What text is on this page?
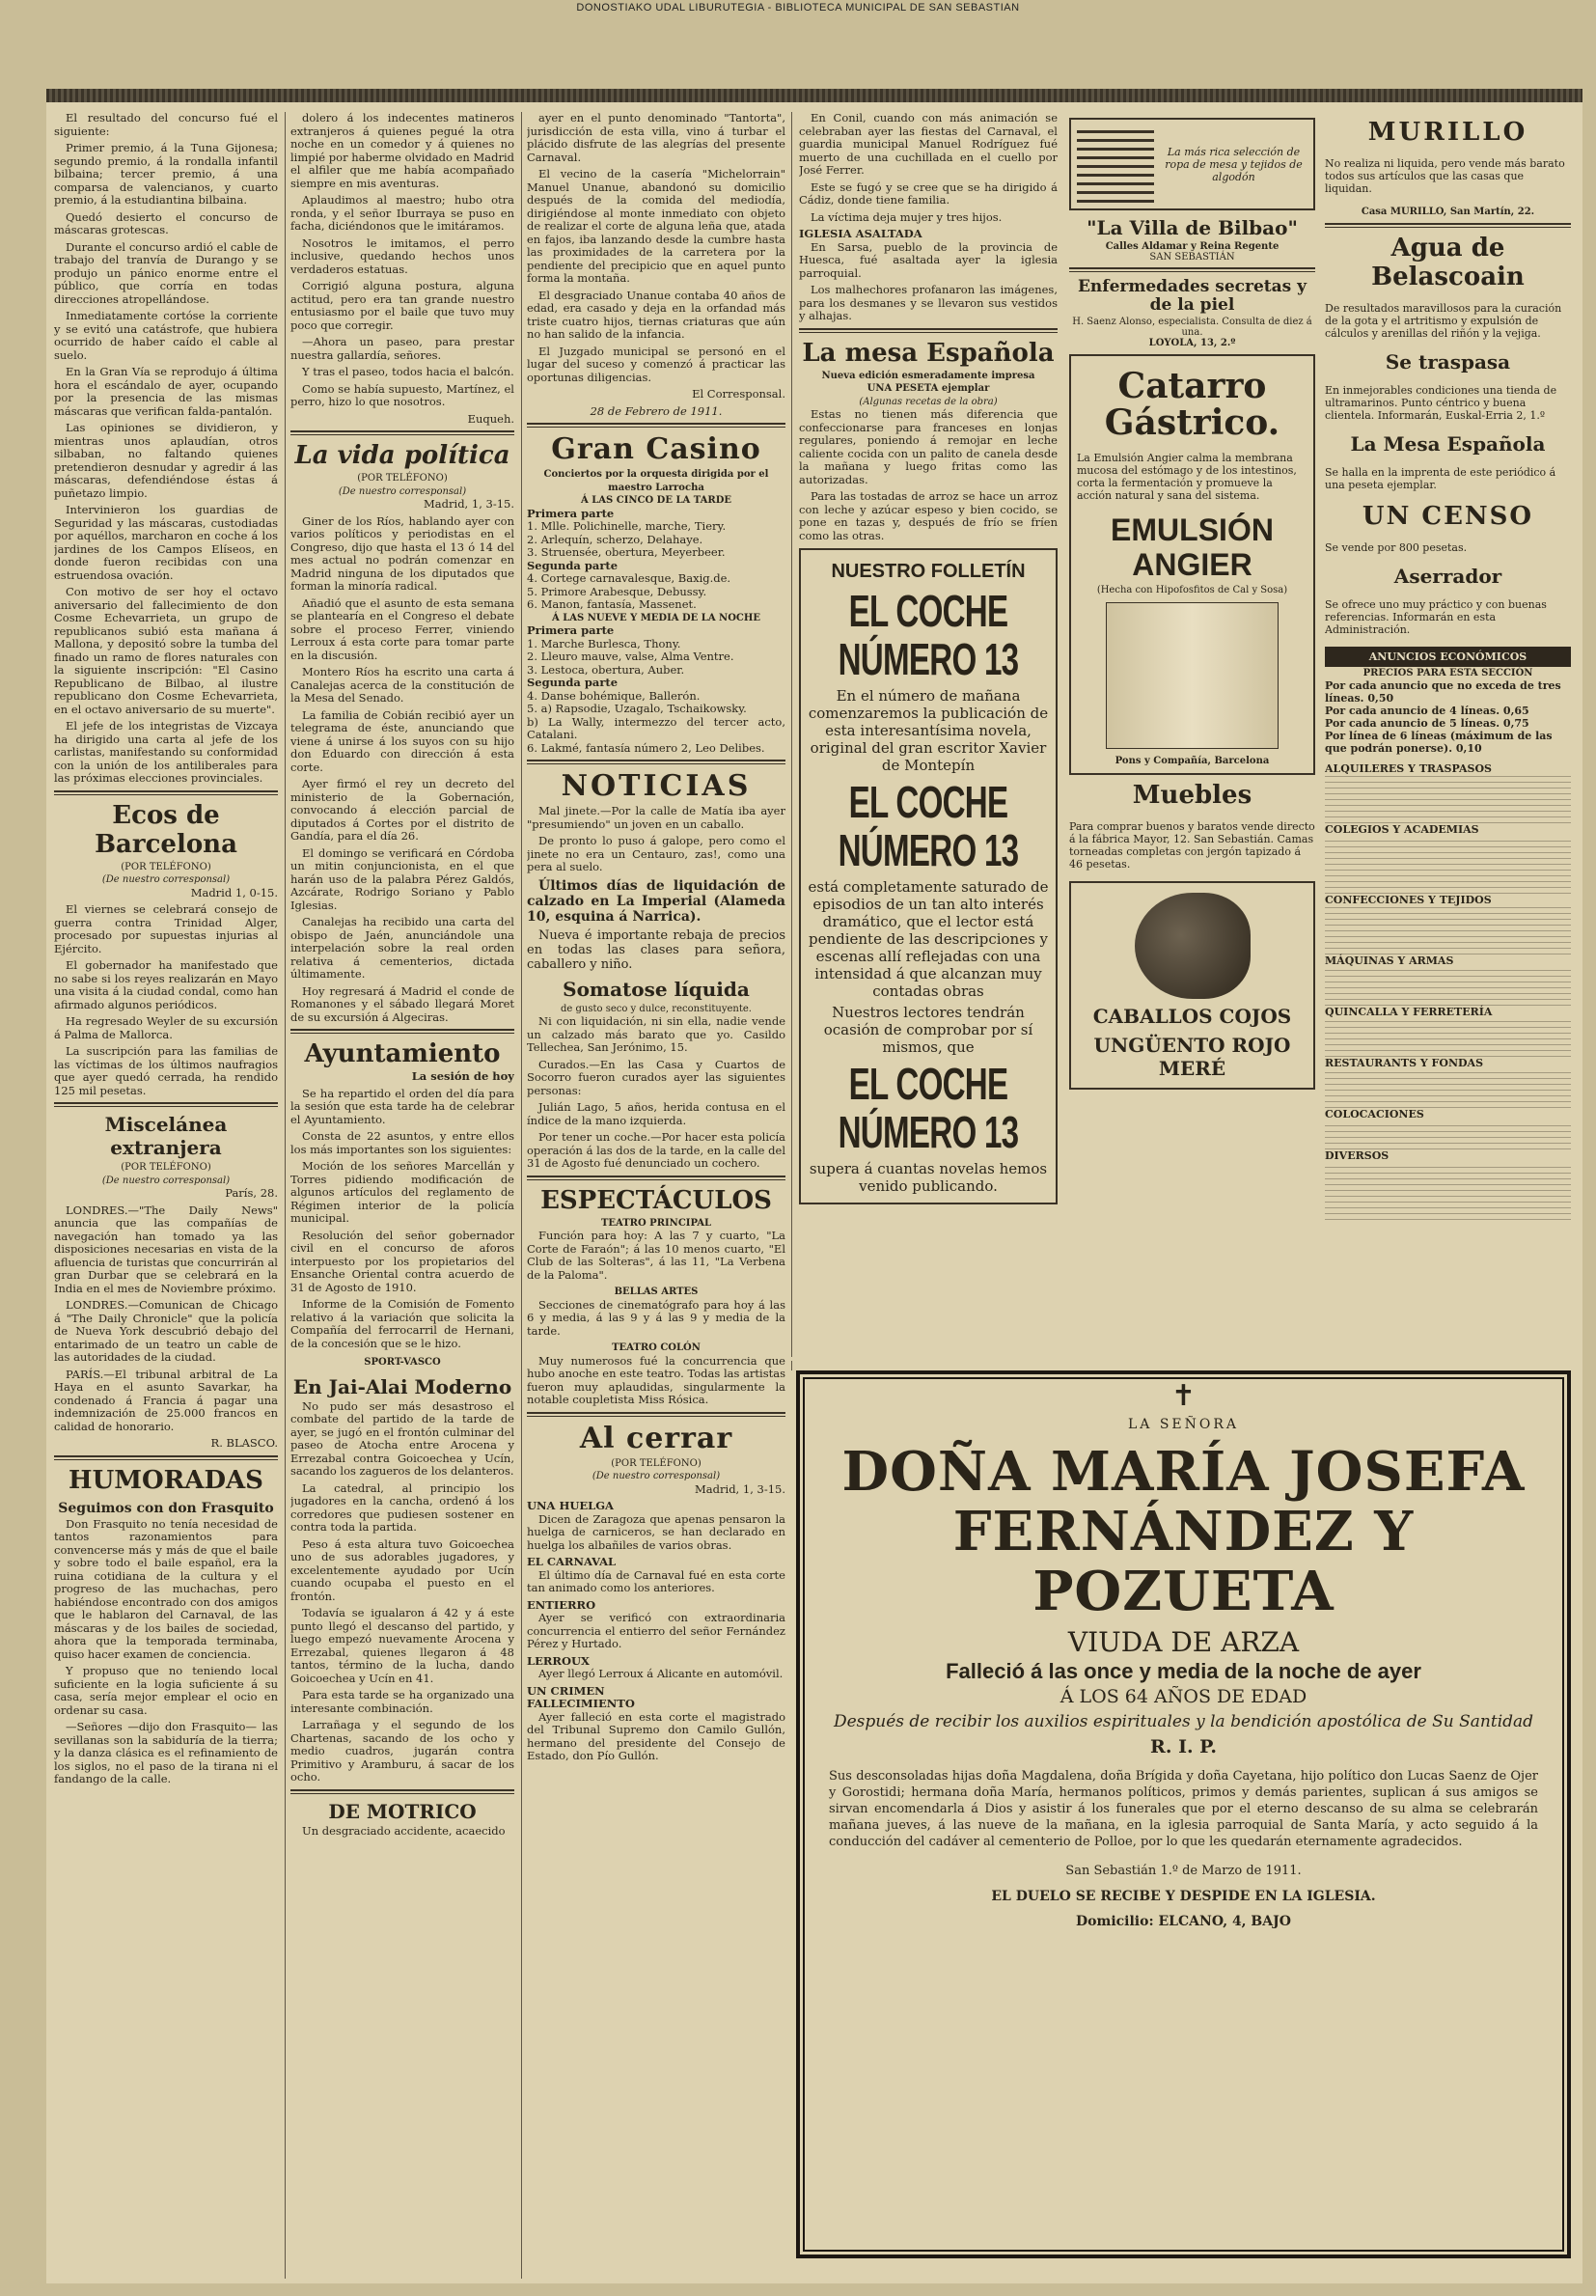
DONOSTIAKO UDAL LIBURUTEGIA - BIBLIOTECA MUNICIPAL DE SAN SEBASTIAN

El resultado del concurso fué el siguiente:

Primer premio, á la Tuna Gijonesa; segundo premio, á la rondalla infantil bilbaina; tercer premio, á una comparsa de valencianos, y cuarto premio, á la estudiantina bilbaina.

Quedó desierto el concurso de máscaras grotescas.

Durante el concurso ardió el cable de trabajo del tranvía de Durango y se produjo un pánico enorme entre el público, que corría en todas direcciones atropellándose.

Inmediatamente cortóse la corriente y se evitó una catástrofe, que hubiera ocurrido de haber caído el cable al suelo.

En la Gran Vía se reprodujo á última hora el escándalo de ayer, ocupando por la presencia de las mismas máscaras que verifican falda-pantalón.

Las opiniones se dividieron, y mientras unos aplaudían, otros silbaban, no faltando quienes pretendieron desnudar y agredir á las máscaras, defendiéndose éstas á puñetazo limpio.

Intervinieron los guardias de Seguridad y las máscaras, custodiadas por aquéllos, marcharon en coche á los jardines de los Campos Elíseos, en donde fueron recibidas con una estruendosa ovación.

Con motivo de ser hoy el octavo aniversario del fallecimiento de don Cosme Echevarrieta, un grupo de republicanos subió esta mañana á Mallona, y depositó sobre la tumba del finado un ramo de flores naturales con la siguiente inscripción: "El Casino Republicano de Bilbao, al ilustre republicano don Cosme Echevarrieta, en el octavo aniversario de su muerte".

El jefe de los integristas de Vizcaya ha dirigido una carta al jefe de los carlistas, manifestando su conformidad con la unión de los antiliberales para las próximas elecciones provinciales.

Ecos de Barcelona
(POR TELÉFONO)
(De nuestro corresponsal)

Madrid 1, 0-15.

El viernes se celebrará consejo de guerra contra Trinidad Alger, procesado por supuestas injurias al Ejército.

El gobernador ha manifestado que no sabe si los reyes realizarán en Mayo una visita á la ciudad condal, como han afirmado algunos periódicos.

Ha regresado Weyler de su excursión á Palma de Mallorca.

La suscripción para las familias de las víctimas de los últimos naufragios que ayer quedó cerrada, ha rendido 125 mil pesetas.

Miscelánea extranjera
(POR TELÉFONO)
(De nuestro corresponsal)

París, 28.

LONDRES.—"The Daily News" anuncia que las compañías de navegación han tomado ya las disposiciones necesarias en vista de la afluencia de turistas que concurrirán al gran Durbar que se celebrará en la India en el mes de Noviembre próximo.

LONDRES.—Comunican de Chicago á "The Daily Chronicle" que la policía de Nueva York descubrió debajo del entarimado de un teatro un cable de las autoridades de la ciudad.

PARÍS.—El tribunal arbitral de La Haya en el asunto Savarkar, ha condenado á Francia á pagar una indemnización de 25.000 francos en calidad de honorario.

R. BLASCO.

HUMORADAS
Seguimos con don Frasquito

Don Frasquito no tenía necesidad de tantos razonamientos para convencerse más y más de que el baile y sobre todo el baile español, era la ruina cotidiana de la cultura y el progreso de las muchachas, pero habiéndose encontrado con dos amigos que le hablaron del Carnaval, de las máscaras y de los bailes de sociedad, ahora que la temporada terminaba, quiso hacer examen de conciencia.

Y propuso que no teniendo local suficiente en la logia suficiente á su casa, sería mejor emplear el ocio en ordenar su casa.

—Señores —dijo don Frasquito— las sevillanas son la sabiduría de la tierra; y la danza clásica es el refinamiento de los siglos, no el paso de la tirana ni el fandango de la calle.

dolero á los indecentes matineros extranjeros á quienes pegué la otra noche en un comedor y á quienes no limpié por haberme olvidado en Madrid el alfiler que me había acompañado siempre en mis aventuras.

Aplaudimos al maestro; hubo otra ronda, y el señor Iburraya se puso en facha, diciéndonos que le imitáramos.

Nosotros le imitamos, el perro inclusive, quedando hechos unos verdaderos estatuas.

Corrigió alguna postura, alguna actitud, pero era tan grande nuestro entusiasmo por el baile que tuvo muy poco que corregir.

—Ahora un paseo, para prestar nuestra gallardía, señores.

Y tras el paseo, todos hacia el balcón.

Como se había supuesto, Martínez, el perro, hizo lo que nosotros.

Euqueh.

La vida política
(POR TELÉFONO)
(De nuestro corresponsal)

Madrid, 1, 3-15.

Giner de los Ríos, hablando ayer con varios políticos y periodistas en el Congreso, dijo que hasta el 13 ó 14 del mes actual no podrán comenzar en Madrid ninguna de los diputados que forman la minoría radical.

Añadió que el asunto de esta semana se plantearía en el Congreso el debate sobre el proceso Ferrer, viniendo Lerroux á esta corte para tomar parte en la discusión.

Montero Ríos ha escrito una carta á Canalejas acerca de la constitución de la Mesa del Senado.

La familia de Cobián recibió ayer un telegrama de éste, anunciando que viene á unirse á los suyos con su hijo don Eduardo con dirección á esta corte.

Ayer firmó el rey un decreto del ministerio de la Gobernación, convocando á elección parcial de diputados á Cortes por el distrito de Gandía, para el día 26.

El domingo se verificará en Córdoba un mitin conjuncionista, en el que harán uso de la palabra Pérez Galdós, Azcárate, Rodrigo Soriano y Pablo Iglesias.

Canalejas ha recibido una carta del obispo de Jaén, anunciándole una interpelación sobre la real orden relativa á cementerios, dictada últimamente.

Hoy regresará á Madrid el conde de Romanones y el sábado llegará Moret de su excursión á Algeciras.

Ayuntamiento

La sesión de hoy

Se ha repartido el orden del día para la sesión que esta tarde ha de celebrar el Ayuntamiento.

Consta de 22 asuntos, y entre ellos los más importantes son los siguientes:

Moción de los señores Marcellán y Torres pidiendo modificación de algunos artículos del reglamento de Régimen interior de la policía municipal.

Resolución del señor gobernador civil en el concurso de aforos interpuesto por los propietarios del Ensanche Oriental contra acuerdo de 31 de Agosto de 1910.

Informe de la Comisión de Fomento relativo á la variación que solicita la Compañía del ferrocarril de Hernani, de la concesión que se le hizo.

SPORT-VASCO
En Jai-Alai Moderno

No pudo ser más desastroso el combate del partido de la tarde de ayer, se jugó en el frontón culminar del paseo de Atocha entre Arocena y Errezabal contra Goicoechea y Ucín, sacando los zagueros de los delanteros.

La catedral, al principio los jugadores en la cancha, ordenó á los corredores que pudiesen sostener en contra toda la partida.

Peso á esta altura tuvo Goicoechea uno de sus adorables jugadores, y excelentemente ayudado por Ucín cuando ocupaba el puesto en el frontón.

Todavía se igualaron á 42 y á este punto llegó el descanso del partido, y luego empezó nuevamente Arocena y Errezabal, quienes llegaron á 48 tantos, término de la lucha, dando Goicoechea y Ucín en 41.

Para esta tarde se ha organizado una interesante combinación.

Larrañaga y el segundo de los Chartenas, sacando de los ocho y medio cuadros, jugarán contra Primitivo y Aramburu, á sacar de los ocho.

DE MOTRICO

Un desgraciado accidente, acaecido

ayer en el punto denominado "Tantorta", jurisdicción de esta villa, vino á turbar el plácido disfrute de las alegrías del presente Carnaval.

El vecino de la casería "Michelorrain" Manuel Unanue, abandonó su domicilio después de la comida del mediodía, dirigiéndose al monte inmediato con objeto de realizar el corte de alguna leña que, atada en fajos, iba lanzando desde la cumbre hasta las proximidades de la carretera por la pendiente del precipicio que en aquel punto forma la montaña.

El desgraciado Unanue contaba 40 años de edad, era casado y deja en la orfandad más triste cuatro hijos, tiernas criaturas que aún no han salido de la infancia.

El Juzgado municipal se personó en el lugar del suceso y comenzó á practicar las oportunas diligencias.

El Corresponsal.

28 de Febrero de 1911.

Gran Casino
Conciertos por la orquesta dirigida por el maestro Larrocha
Á LAS CINCO DE LA TARDE
Primera parte
1. Mlle. Polichinelle, marche, Tiery.
2. Arlequín, scherzo, Delahaye.
3. Struensée, obertura, Meyerbeer.
Segunda parte
4. Cortege carnavalesque, Baxig.de.
5. Primore Arabesque, Debussy.
6. Manon, fantasía, Massenet.
Á LAS NUEVE Y MEDIA DE LA NOCHE
Primera parte
1. Marche Burlesca, Thony.
2. Lleuro mauve, valse, Alma Ventre.
3. Lestoca, obertura, Auber.
Segunda parte
4. Danse bohémique, Ballerón.
5. a) Rapsodie, Uzagalo, Tschaikowsky.
b) La Wally, intermezzo del tercer acto, Catalani.
6. Lakmé, fantasía número 2, Leo Delibes.
NOTICIAS

Mal jinete.—Por la calle de Matía iba ayer "presumiendo" un joven en un caballo.

De pronto lo puso á galope, pero como el jinete no era un Centauro, zas!, como una pera al suelo.

Últimos días de liquidación de calzado en La Imperial (Alameda 10, esquina á Narrica).

Nueva é importante rebaja de precios en todas las clases para señora, caballero y niño.

Somatose líquida
de gusto seco y dulce, reconstituyente.

Ni con liquidación, ni sin ella, nadie vende un calzado más barato que yo. Casildo Tellechea, San Jerónimo, 15.

Curados.—En las Casa y Cuartos de Socorro fueron curados ayer las siguientes personas:

Julián Lago, 5 años, herida contusa en el índice de la mano izquierda.

Por tener un coche.—Por hacer esta policía operación á las dos de la tarde, en la calle del 31 de Agosto fué denunciado un cochero.

ESPECTÁCULOS
TEATRO PRINCIPAL

Función para hoy: A las 7 y cuarto, "La Corte de Faraón"; á las 10 menos cuarto, "El Club de las Solteras", á las 11, "La Verbena de la Paloma".

BELLAS ARTES

Secciones de cinematógrafo para hoy á las 6 y media, á las 9 y á las 9 y media de la tarde.

TEATRO COLÓN

Muy numerosos fué la concurrencia que hubo anoche en este teatro. Todas las artistas fueron muy aplaudidas, singularmente la notable coupletista Miss Rósica.

Al cerrar
(POR TELÉFONO)
(De nuestro corresponsal)

Madrid, 1, 3-15.

UNA HUELGA

Dicen de Zaragoza que apenas pensaron la huelga de carniceros, se han declarado en huelga los albañiles de varios obras.

EL CARNAVAL

El último día de Carnaval fué en esta corte tan animado como los anteriores.

ENTIERRO

Ayer se verificó con extraordinaria concurrencia el entierro del señor Fernández Pérez y Hurtado.

LERROUX

Ayer llegó Lerroux á Alicante en automóvil.

UN CRIMEN
FALLECIMIENTO

Ayer falleció en esta corte el magistrado del Tribunal Supremo don Camilo Gullón, hermano del presidente del Consejo de Estado, don Pío Gullón.

En Conil, cuando con más animación se celebraban ayer las fiestas del Carnaval, el guardia municipal Manuel Rodríguez fué muerto de una cuchillada en el cuello por José Ferrer.

Este se fugó y se cree que se ha dirigido á Cádiz, donde tiene familia.

La víctima deja mujer y tres hijos.

IGLESIA ASALTADA

En Sarsa, pueblo de la provincia de Huesca, fué asaltada ayer la iglesia parroquial.

Los malhechores profanaron las imágenes, para los desmanes y se llevaron sus vestidos y alhajas.

La mesa Española
Nueva edición esmeradamente impresa
UNA PESETA ejemplar
(Algunas recetas de la obra)

Estas no tienen más diferencia que confeccionarse para franceses en lonjas regulares, poniendo á remojar en leche caliente cocida con un palito de canela desde la mañana y luego fritas como las autorizadas.

Para las tostadas de arroz se hace un arroz con leche y azúcar espeso y bien cocido, se pone en tazas y, después de frío se fríen como las otras.

NUESTRO FOLLETÍN
EL COCHE NÚMERO 13

En el número de mañana comenzaremos la publicación de esta interesantísima novela, original del gran escritor Xavier de Montepín

EL COCHE NÚMERO 13

está completamente saturado de episodios de un tan alto interés dramático, que el lector está pendiente de las descripciones y escenas allí reflejadas con una intensidad á que alcanzan muy contadas obras

Nuestros lectores tendrán ocasión de comprobar por sí mismos, que

EL COCHE NÚMERO 13

supera á cuantas novelas hemos venido publicando.

La más rica selección de ropa de mesa y tejidos de algodón
"La Villa de Bilbao"
Calles Aldamar y Reina Regente
SAN SEBASTIÁN
Enfermedades secretas y de la piel
H. Saenz Alonso, especialista. Consulta de diez á una.
LOYOLA, 13, 2.º
Catarro Gástrico.

La Emulsión Angier calma la membrana mucosa del estómago y de los intestinos, corta la fermentación y promueve la acción natural y sana del sistema.

EMULSIÓN ANGIER
(Hecha con Hipofosfitos de Cal y Sosa)
Pons y Compañía, Barcelona
Muebles

Para comprar buenos y baratos vende directo á la fábrica Mayor, 12. San Sebastián. Camas torneadas completas con jergón tapizado á 46 pesetas.

CABALLOS COJOS
UNGÜENTO ROJO MERÉ
MURILLO

No realiza ni liquida, pero vende más barato todos sus artículos que las casas que liquidan.

Casa MURILLO, San Martín, 22.
Agua de Belascoain

De resultados maravillosos para la curación de la gota y el artritismo y expulsión de cálculos y arenillas del riñón y la vejiga.

Se traspasa

En inmejorables condiciones una tienda de ultramarinos. Punto céntrico y buena clientela. Informarán, Euskal-Erria 2, 1.º

La Mesa Española

Se halla en la imprenta de este periódico á una peseta ejemplar.

UN CENSO

Se vende por 800 pesetas.

Aserrador

Se ofrece uno muy práctico y con buenas referencias. Informarán en esta Administración.

ANUNCIOS ECONÓMICOS
PRECIOS PARA ESTA SECCIÓN
Por cada anuncio que no exceda de tres líneas. 0,50
Por cada anuncio de 4 líneas. 0,65
Por cada anuncio de 5 líneas. 0,75
Por línea de 6 líneas (máximum de las que podrán ponerse). 0,10
ALQUILERES Y TRASPASOS
COLEGIOS Y ACADEMIAS
CONFECCIONES Y TEJIDOS
MÁQUINAS Y ARMAS
QUINCALLA Y FERRETERÍA
RESTAURANTS Y FONDAS
COLOCACIONES
DIVERSOS
✝
LA SEÑORA
DOÑA MARÍA JOSEFA FERNÁNDEZ Y POZUETA
VIUDA DE ARZA
Falleció á las once y media de la noche de ayer
Á LOS 64 AÑOS DE EDAD
Después de recibir los auxilios espirituales y la bendición apostólica de Su Santidad
R. I. P.
Sus desconsoladas hijas doña Magdalena, doña Brígida y doña Cayetana, hijo político don Lucas Saenz de Ojer y Gorostidi; hermana doña María, hermanos políticos, primos y demás parientes, suplican á sus amigos se sirvan encomendarla á Dios y asistir á los funerales que por el eterno descanso de su alma se celebrarán mañana jueves, á las nueve de la mañana, en la iglesia parroquial de Santa María, y acto seguido á la conducción del cadáver al cementerio de Polloe, por lo que les quedarán eternamente agradecidos.
San Sebastián 1.º de Marzo de 1911.
EL DUELO SE RECIBE Y DESPIDE EN LA IGLESIA.
Domicilio: ELCANO, 4, BAJO
